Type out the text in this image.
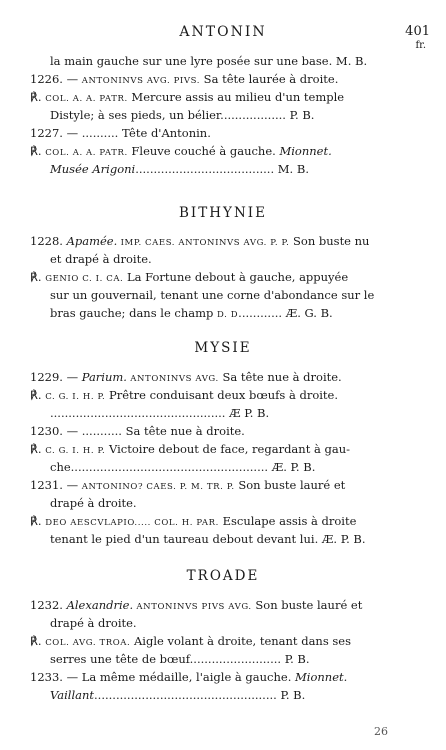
ANTONIN	401
fr.
la main gauche sur une lyre posée sur une base. M. B.
1226. — ANTONINVS AVG. PIVS. Sa tête laurée à droite.
℟. COL. A. A. PATR. Mercure assis au milieu d'un temple
Distyle; à ses pieds, un bélier.................. P. B.
1227. — .......... Tête d'Antonin.
℟. COL. A. A. PATR. Fleuve couché à gauche. Mionnet.
Musée Arigoni...................................... M. B.
BITHYNIE
1228. Apamée. IMP. CAES. ANTONINVS AVG. P. P. Son buste nu
et drapé à droite.
℟. GENIO C. I. CA. La Fortune debout à gauche, appuyée
sur un gouvernail, tenant une corne d'abondance sur le
bras gauche; dans le champ D. D............ Æ. G. B.
MYSIE
1229. — Parium. ANTONINVS AVG. Sa tête nue à droite.
℟. C. G. I. H. P. Prêtre conduisant deux bœufs à droite.
................................................ Æ P. B.
1230. — ........... Sa tête nue à droite.
℟. C. G. I. H. P. Victoire debout de face, regardant à gau-
che...................................................... Æ. P. B.
1231. — ANTONINO? CAES. P. M. TR. P. Son buste lauré et
drapé à droite.
℟. DEO AESCVLAPIO..... COL. H. PAR. Esculape assis à droite
tenant le pied d'un taureau debout devant lui. Æ. P. B.
TROADE
1232. Alexandrie. ANTONINVS PIVS AVG. Son buste lauré et
drapé à droite.
℟. COL. AVG. TROA. Aigle volant à droite, tenant dans ses
serres une tête de bœuf......................... P. B.
1233. — La même médaille, l'aigle à gauche. Mionnet.
Vaillant.................................................. P. B.
26
